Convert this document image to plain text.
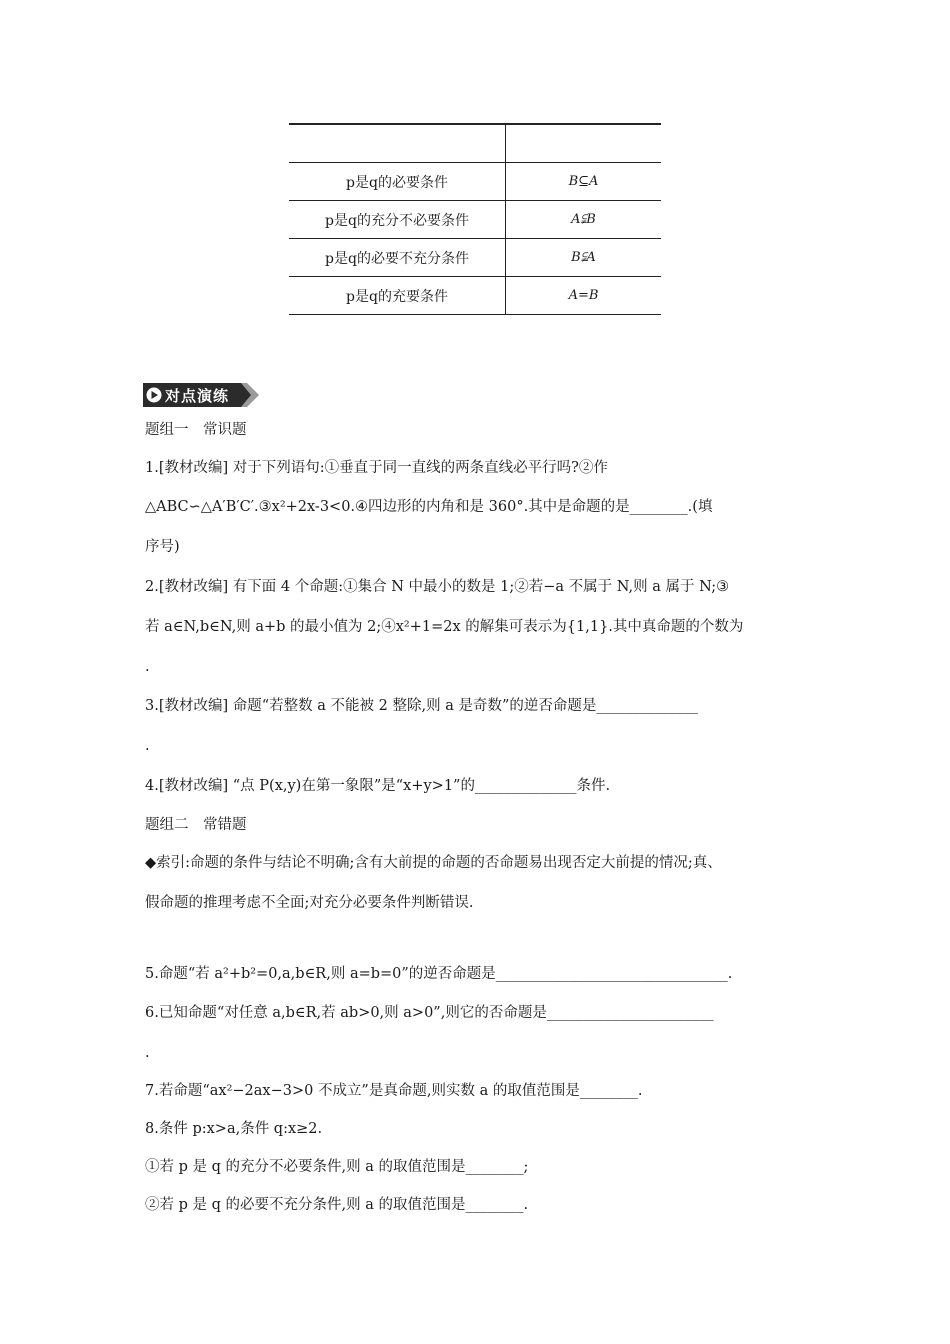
p是q的必要条件	B⊆A
p是q的充分不必要条件	A⫋B
p是q的必要不充分条件	B⫋A
p是q的充要条件	A=B
对点演练
题组一　常识题
1.[教材改编] 对于下列语句:①垂直于同一直线的两条直线必平行吗?②作
△ABC∽△A′B′C′.③x²+2x-3<0.④四边形的内角和是 360°.其中是命题的是________.(填
序号)
2.[教材改编] 有下面 4 个命题:①集合 N 中最小的数是 1;②若−a 不属于 N,则 a 属于 N;③
若 a∈N,b∈N,则 a+b 的最小值为 2;④x²+1=2x 的解集可表示为{1,1}.其中真命题的个数为
.
3.[教材改编] 命题“若整数 a 不能被 2 整除,则 a 是奇数”的逆否命题是______________
.
4.[教材改编] “点 P(x,y)在第一象限”是“x+y>1”的______________条件.
题组二　常错题
◆索引:命题的条件与结论不明确;含有大前提的命题的否命题易出现否定大前提的情况;真、
假命题的推理考虑不全面;对充分必要条件判断错误.
5.命题“若 a²+b²=0,a,b∈R,则 a=b=0”的逆否命题是________________________________.
6.已知命题“对任意 a,b∈R,若 ab>0,则 a>0”,则它的否命题是_______________________
.
7.若命题“ax²−2ax−3>0 不成立”是真命题,则实数 a 的取值范围是________.
8.条件 p:x>a,条件 q:x≥2.
①若 p 是 q 的充分不必要条件,则 a 的取值范围是________;
②若 p 是 q 的必要不充分条件,则 a 的取值范围是________.
